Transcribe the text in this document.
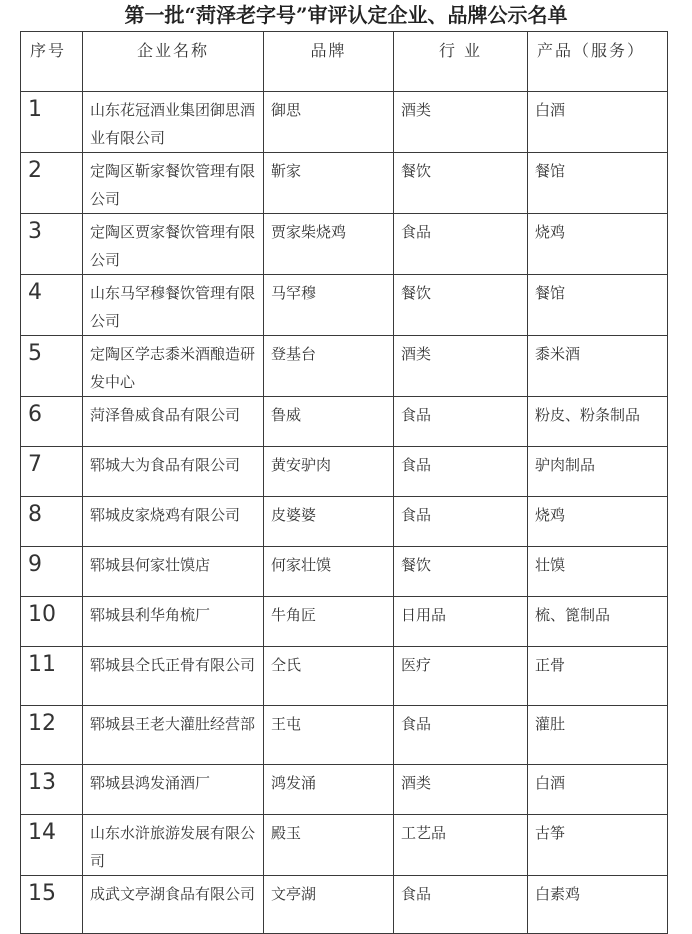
第一批“菏泽老字号”审评认定企业、品牌公示名单
序号	企业名称	品牌	行 业	产品（服务）
1	山东花冠酒业集团御思酒业有限公司	御思	酒类	白酒
2	定陶区靳家餐饮管理有限公司	靳家	餐饮	餐馆
3	定陶区贾家餐饮管理有限公司	贾家柴烧鸡	食品	烧鸡
4	山东马罕穆餐饮管理有限公司	马罕穆	餐饮	餐馆
5	定陶区学志黍米酒酿造研发中心	登基台	酒类	黍米酒
6	菏泽鲁威食品有限公司	鲁威	食品	粉皮、粉条制品
7	郓城大为食品有限公司	黄安驴肉	食品	驴肉制品
8	郓城皮家烧鸡有限公司	皮婆婆	食品	烧鸡
9	郓城县何家壮馍店	何家壮馍	餐饮	壮馍
10	郓城县利华角梳厂	牛角匠	日用品	梳、篦制品
11	郓城县仝氏正骨有限公司	仝氏	医疗	正骨
12	郓城县王老大灌肚经营部	王屯	食品	灌肚
13	郓城县鸿发涌酒厂	鸿发涌	酒类	白酒
14	山东水浒旅游发展有限公司	殿玉	工艺品	古筝
15	成武文亭湖食品有限公司	文亭湖	食品	白素鸡
